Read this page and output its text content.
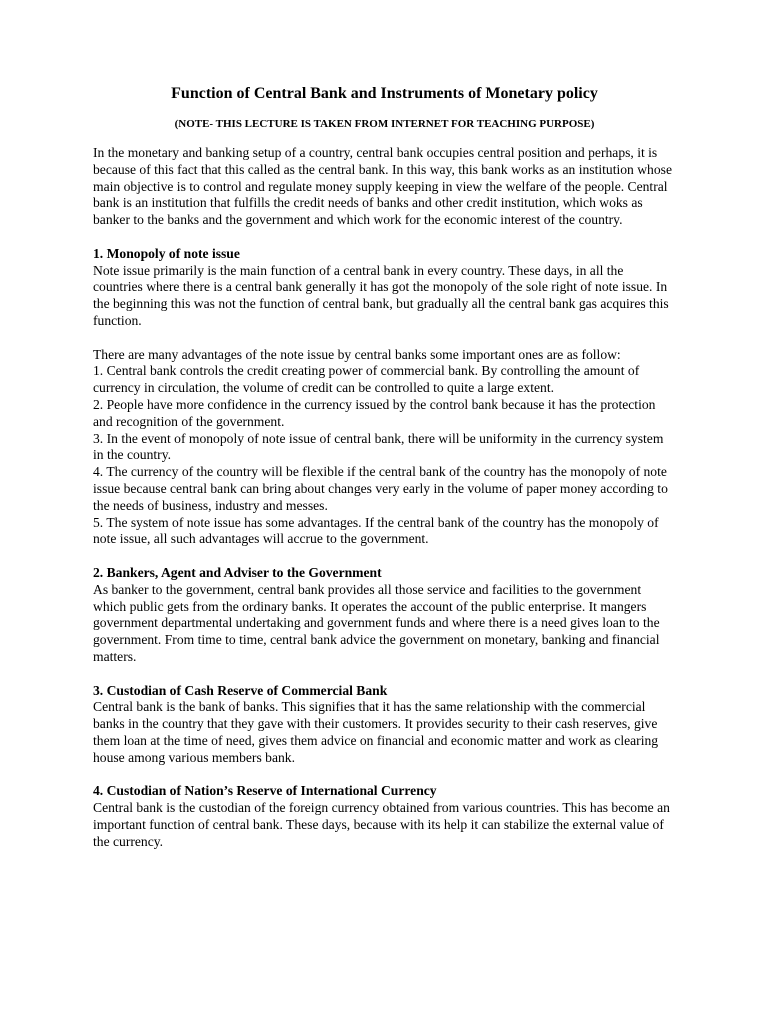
Function of Central Bank and Instruments of Monetary policy
(NOTE- THIS LECTURE IS TAKEN FROM INTERNET FOR TEACHING PURPOSE)

In the monetary and banking setup of a country, central bank occupies central position and perhaps, it is because of this fact that this called as the central bank. In this way, this bank works as an institution whose main objective is to control and regulate money supply keeping in view the welfare of the people. Central bank is an institution that fulfills the credit needs of banks and other credit institution, which woks as banker to the banks and the government and which work for the economic interest of the country.

1. Monopoly of note issue

Note issue primarily is the main function of a central bank in every country. These days, in all the countries where there is a central bank generally it has got the monopoly of the sole right of note issue. In the beginning this was not the function of central bank, but gradually all the central bank gas acquires this function.

There are many advantages of the note issue by central banks some important ones are as follow:

1. Central bank controls the credit creating power of commercial bank. By controlling the amount of currency in circulation, the volume of credit can be controlled to quite a large extent.

2. People have more confidence in the currency issued by the control bank because it has the protection and recognition of the government.

3. In the event of monopoly of note issue of central bank, there will be uniformity in the currency system in the country.

4. The currency of the country will be flexible if the central bank of the country has the monopoly of note issue because central bank can bring about changes very early in the volume of paper money according to the needs of business, industry and messes.

5. The system of note issue has some advantages. If the central bank of the country has the monopoly of note issue, all such advantages will accrue to the government.

2. Bankers, Agent and Adviser to the Government

As banker to the government, central bank provides all those service and facilities to the government which public gets from the ordinary banks. It operates the account of the public enterprise. It mangers government departmental undertaking and government funds and where there is a need gives loan to the government. From time to time, central bank advice the government on monetary, banking and financial matters.

3. Custodian of Cash Reserve of Commercial Bank

Central bank is the bank of banks. This signifies that it has the same relationship with the commercial banks in the country that they gave with their customers. It provides security to their cash reserves, give them loan at the time of need, gives them advice on financial and economic matter and work as clearing house among various members bank.

4. Custodian of Nation’s Reserve of International Currency

Central bank is the custodian of the foreign currency obtained from various countries. This has become an important function of central bank. These days, because with its help it can stabilize the external value of the currency.
